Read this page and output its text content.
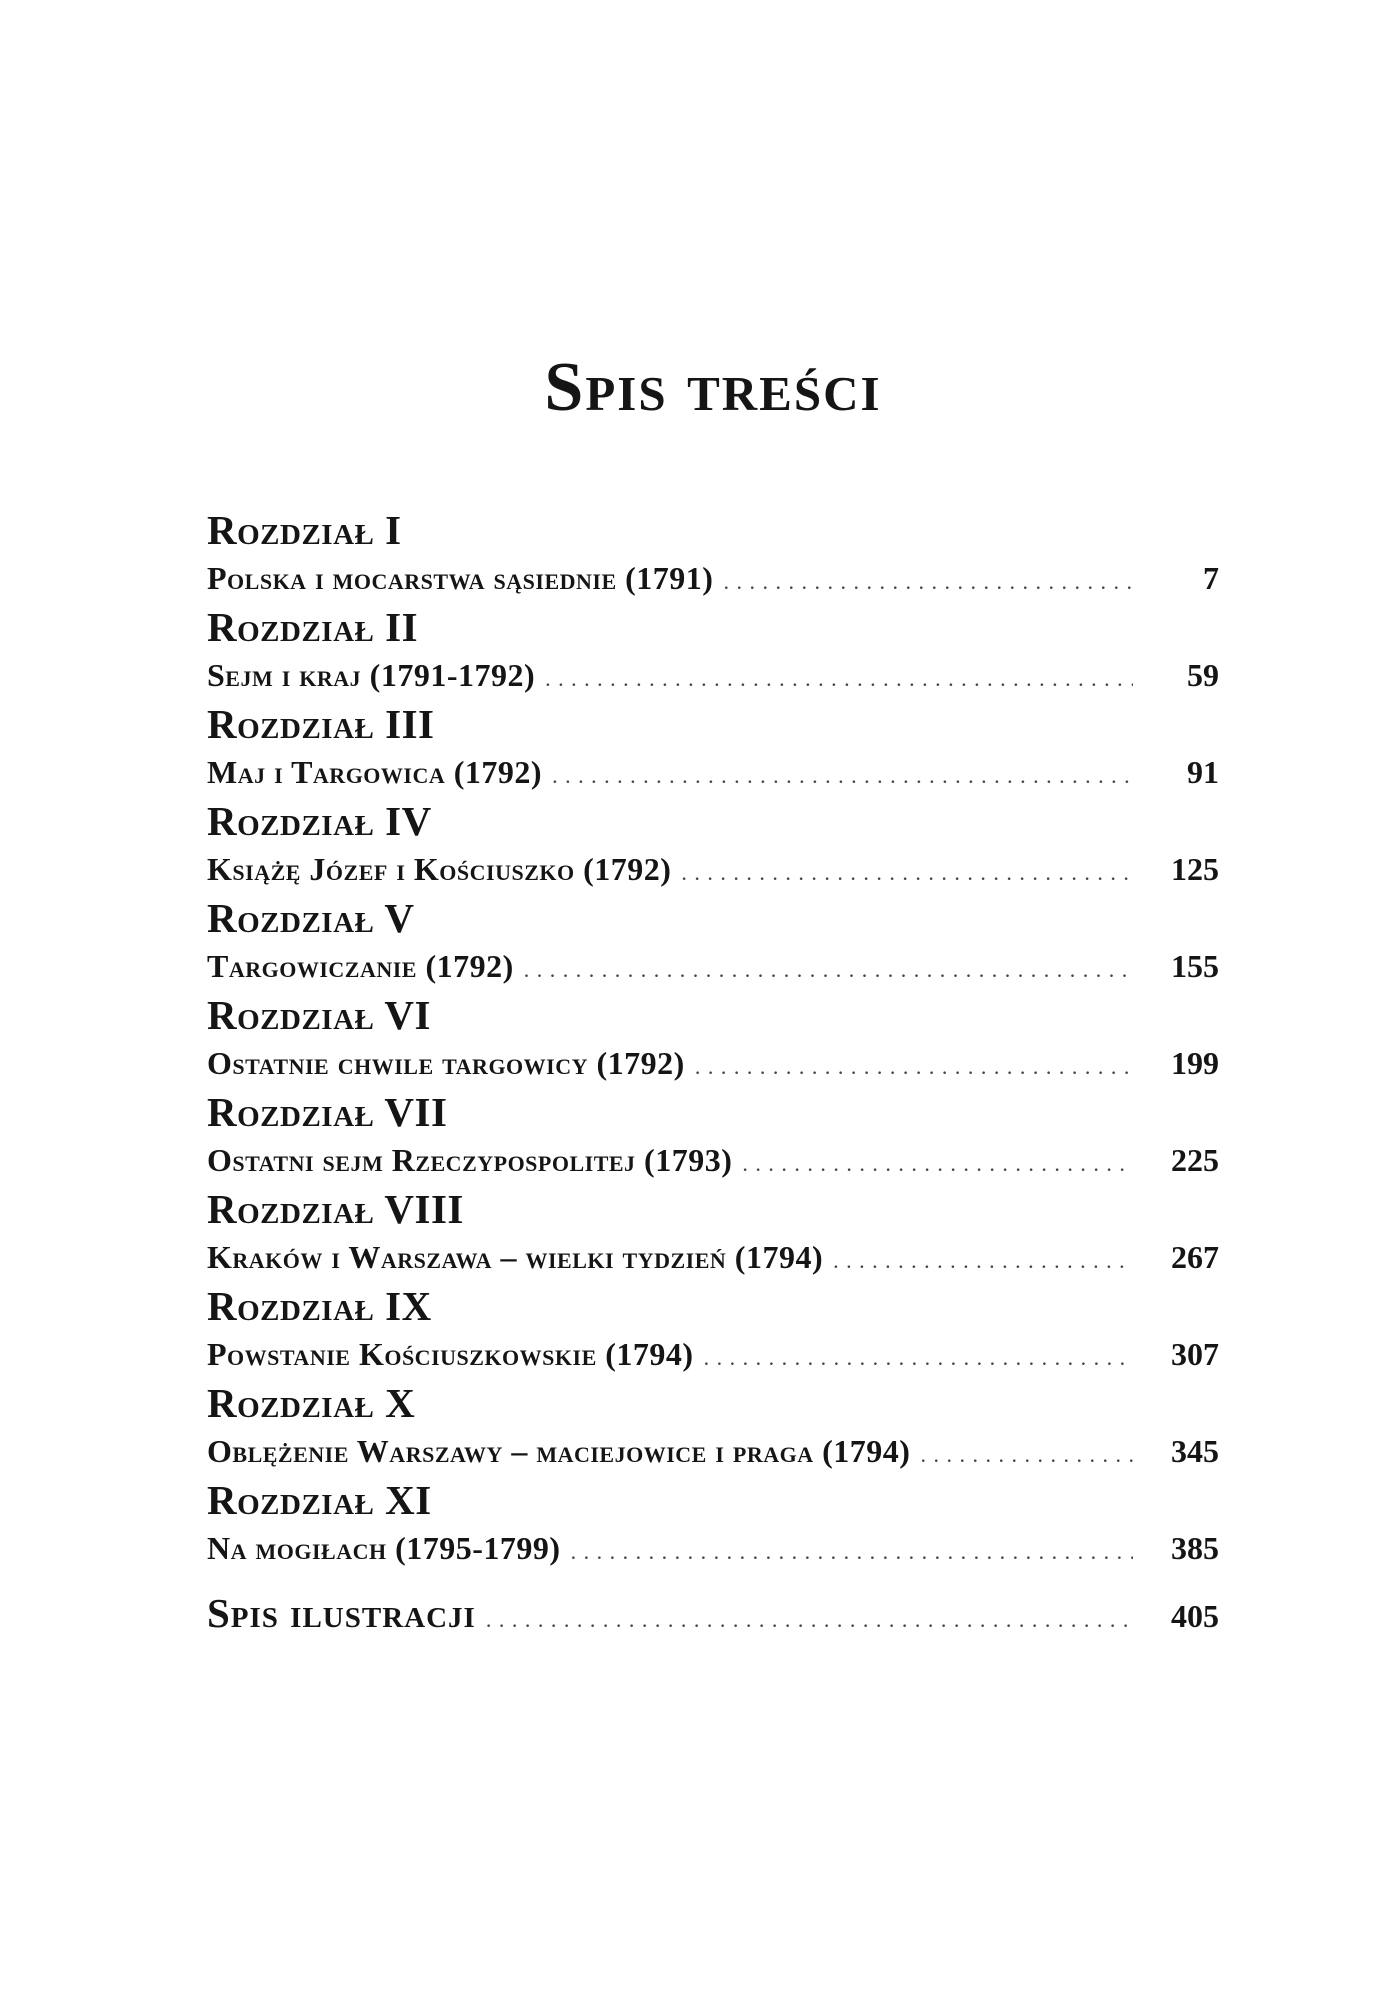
Spis treści
Rozdział I
Polska i mocarstwa sąsiednie (1791) . . .	7
Rozdział II
Sejm i kraj (1791-1792) . . .	59
Rozdział III
Maj i Targowica (1792) . . .	91
Rozdział IV
Książę Józef i Kościuszko (1792) . . .	125
Rozdział V
Targowiczanie (1792) . . .	155
Rozdział VI
Ostatnie chwile targowicy (1792) . . .	199
Rozdział VII
Ostatni sejm Rzeczypospolitej (1793) . . .	225
Rozdział VIII
Kraków i Warszawa – wielki tydzień (1794) . . .	267
Rozdział IX
Powstanie Kościuszkowskie (1794) . . .	307
Rozdział X
Oblężenie Warszawy – maciejowice i praga (1794) . . .	345
Rozdział XI
Na mogiłach (1795-1799) . . .	385
Spis ilustracji . . .	405
